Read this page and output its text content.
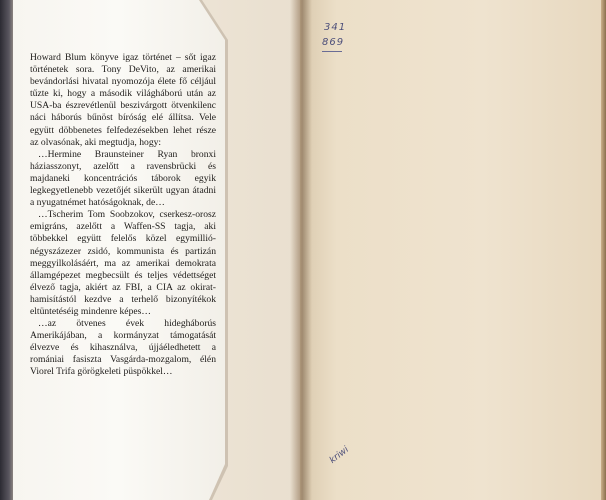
Howard Blum könyve igaz történet – sőt igaz történetek sora. Tony DeVito, az amerikai bevándorlási hivatal nyomozója élete fő céljául tűzte ki, hogy a második világháború után az USA-ba észrevétlenül beszivárgott ötvenkilenc náci háborús bűnöst bíróság elé állítsa. Vele együtt döbbenetes felfedezésekben lehet része az olvasónak, aki megtudja, hogy:

…Hermine Braunsteiner Ryan bronxi háziasszonyt, azelőtt a ravensbrücki és majdaneki koncentrációs táborok egyik legkegyetlenebb vezetőjét sikerült ugyan átadni a nyugatnémet hatóságoknak, de…

…Tscherim Tom Soobzokov, cserkesz-orosz emigráns, azelőtt a Waffen-SS tagja, aki többekkel együtt felelős közel egymillió-négyszázezer zsidó, kommunista és partizán meggyilkolásáért, ma az amerikai demokrata államgépezet megbecsült és teljes védettséget élvező tagja, akiért az FBI, a CIA az okirat-hamisítástól kezdve a terhelő bizonyítékok eltüntetéséig mindenre képes…

…az ötvenes évek hidegháborús Amerikájában, a kormányzat támogatását élvezve és kihasználva, újjáéledhetett a romániai fasiszta Vasgárda-mozgalom, élén Viorel Trifa görögkeleti püspökkel…

341
869
kriwi
